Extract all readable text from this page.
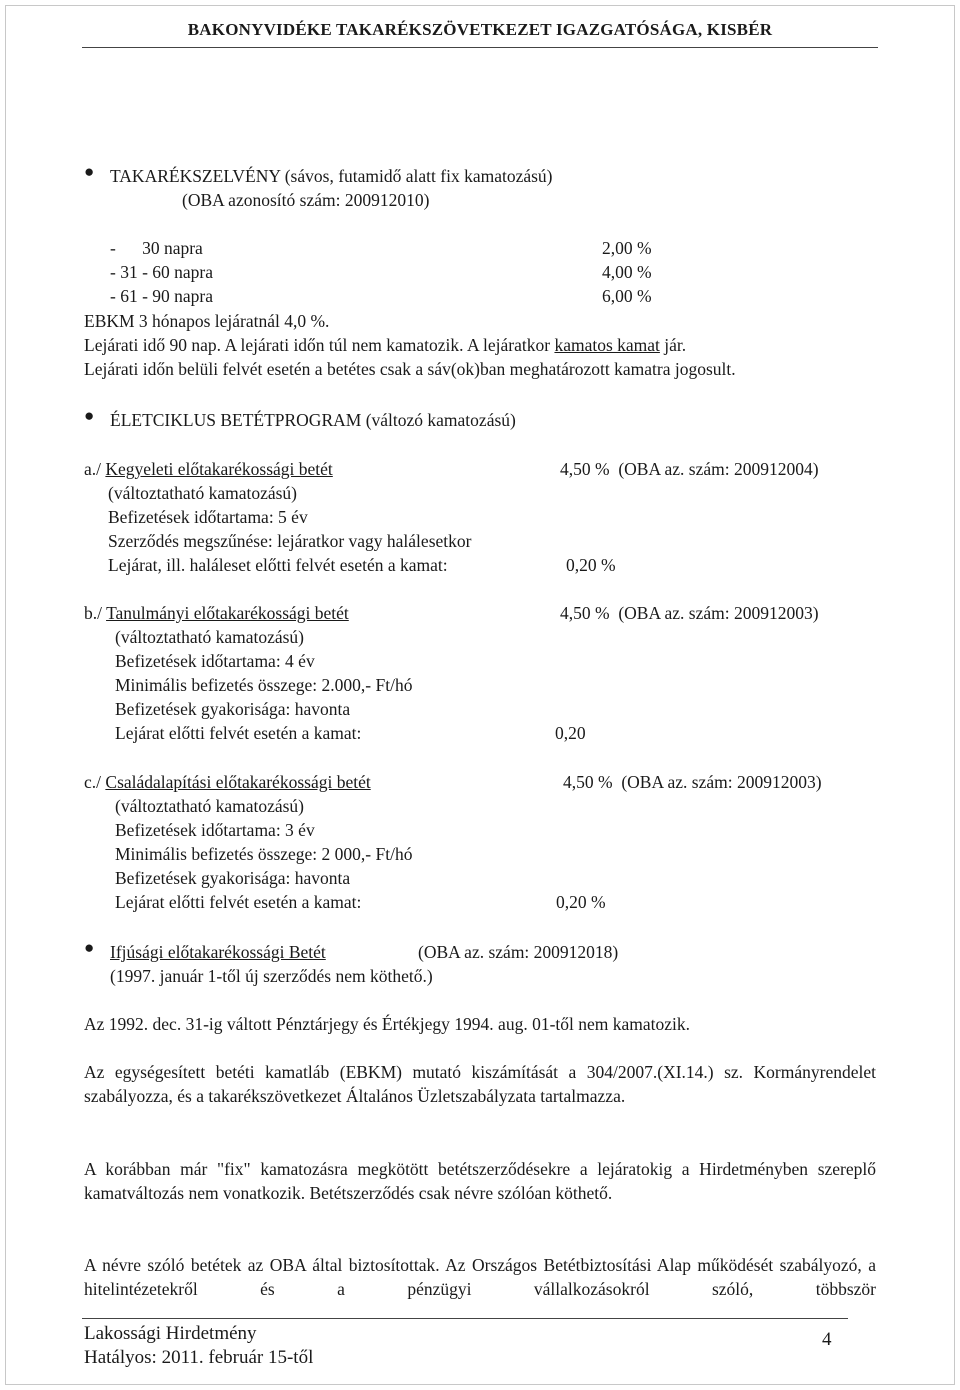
BAKONYVIDÉKE TAKARÉKSZÖVETKEZET IGAZGATÓSÁGA, KISBÉR
● TAKARÉKSZELVÉNY (sávos, futamidő alatt fix kamatozású)
(OBA azonosító szám: 200912010)
-      30 napra	2,00 %
- 31 - 60 napra	4,00 %
- 61 - 90 napra	6,00 %
EBKM 3 hónapos lejáratnál 4,0 %.
Lejárati idő 90 nap. A lejárati időn túl nem kamatozik. A lejáratkor kamatos kamat jár.
Lejárati időn belüli felvét esetén a betétes csak a sáv(ok)ban meghatározott kamatra jogosult.
● ÉLETCIKLUS BETÉTPROGRAM (változó kamatozású)
a./ Kegyeleti előtakarékossági betét	4,50 %  (OBA az. szám: 200912004)
(változtatható kamatozású)
Befizetések időtartama: 5 év
Szerződés megszűnése: lejáratkor vagy halálesetkor
Lejárat, ill. haláleset előtti felvét esetén a kamat:	0,20 %
b./ Tanulmányi előtakarékossági betét	4,50 %  (OBA az. szám: 200912003)
(változtatható kamatozású)
Befizetések időtartama: 4 év
Minimális befizetés összege: 2.000,- Ft/hó
Befizetések gyakorisága: havonta
Lejárat előtti felvét esetén a kamat:	0,20
c./ Családalapítási előtakarékossági betét	4,50 %  (OBA az. szám: 200912003)
(változtatható kamatozású)
Befizetések időtartama: 3 év
Minimális befizetés összege: 2 000,- Ft/hó
Befizetések gyakorisága: havonta
Lejárat előtti felvét esetén a kamat:	0,20 %
● Ifjúsági előtakarékossági Betét	(OBA az. szám: 200912018)
(1997. január 1-től új szerződés nem köthető.)
Az 1992. dec. 31-ig váltott Pénztárjegy és Értékjegy 1994. aug. 01-től nem kamatozik.
Az egységesített betéti kamatláb (EBKM) mutató kiszámítását a 304/2007.(XI.14.) sz. Kormányrendelet szabályozza, és a takarékszövetkezet Általános Üzletszabályzata tartalmazza.
A korábban már "fix" kamatozásra megkötött betétszerződésekre a lejáratokig a Hirdetményben szereplő kamatváltozás nem vonatkozik. Betétszerződés csak névre szólóan köthető.
A névre szóló betétek az OBA által biztosítottak. Az Országos Betétbiztosítási Alap működését szabályozó, a hitelintézetekről és a pénzügyi vállalkozásokról szóló, többször
Lakossági Hirdetmény
Hatályos: 2011. február 15-től
4
